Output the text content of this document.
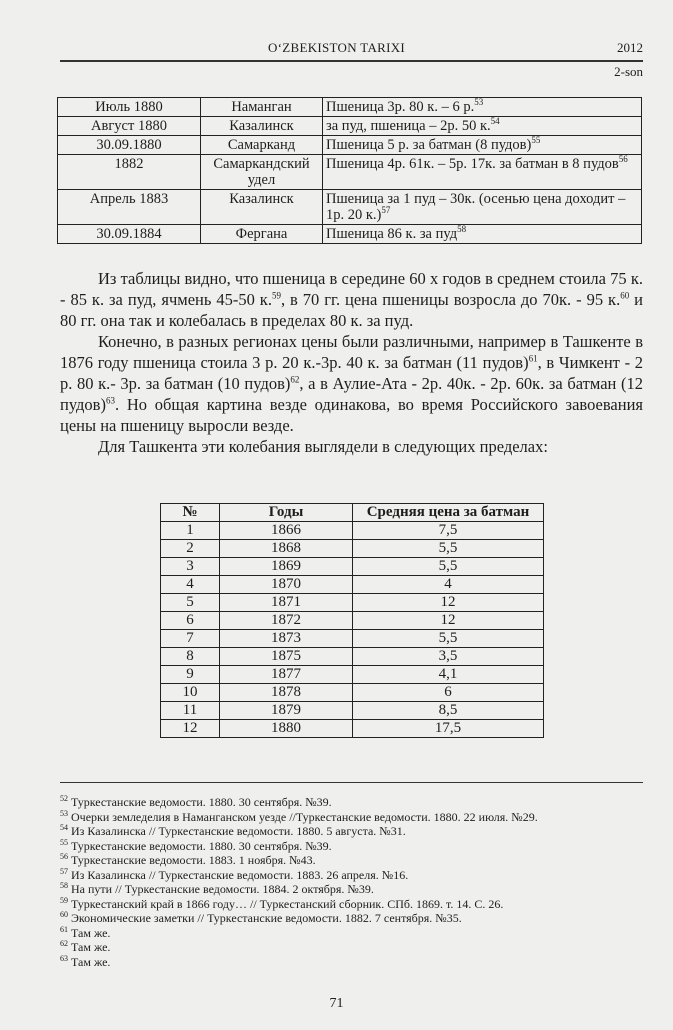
O‘ZBEKISTON TARIXI	2012
2-son
Июль 1880	Наманган	Пшеница 3р. 80 к. – 6 р.$^{53}$
Август 1880	Казалинск	за пуд, пшеница – 2р. 50 к.$^{54}$
30.09.1880	Самарканд	Пшеница 5 р. за батман (8 пудов)$^{55}$
1882	Самаркандский удел	Пшеница 4р. 61к. – 5р. 17к. за батман в 8 пудов$^{56}$
Апрель 1883	Казалинск	Пшеница за 1 пуд – 30к. (осенью цена доходит – 1р. 20 к.)$^{57}$
30.09.1884	Фергана	Пшеница 86 к. за пуд$^{58}$

Из таблицы видно, что пшеница в середине 60 х годов в среднем стоила 75 к. - 85 к. за пуд, ячмень 45-50 к.$^{59}$, в 70 гг. цена пшеницы возросла до 70к. - 95 к.$^{60}$ и 80 гг. она так и колебалась в пределах 80 к. за пуд.

Конечно, в разных регионах цены были различными, например в Ташкенте в 1876 году пшеница стоила 3 р. 20 к.-3р. 40 к. за батман (11 пудов)$^{61}$, в Чимкент - 2 р. 80 к.- 3р. за батман (10 пудов)$^{62}$, а в Аулие-Ата - 2р. 40к. - 2р. 60к. за батман (12 пудов)$^{63}$. Но общая картина везде одинакова, во время Российского завоевания цены на пшеницу выросли везде.

Для Ташкента эти колебания выглядели в следующих пределах:

№	Годы	Средняя цена за батман
1	1866	7,5
2	1868	5,5
3	1869	5,5
4	1870	4
5	1871	12
6	1872	12
7	1873	5,5
8	1875	3,5
9	1877	4,1
10	1878	6
11	1879	8,5
12	1880	17,5
$^{52}$ Туркестанские ведомости. 1880. 30 сентября. №39.
$^{53}$ Очерки земледелия в Наманганском уезде //Туркестанские ведомости. 1880. 22 июля. №29.
$^{54}$ Из Казалинска // Туркестанские ведомости. 1880. 5 августа. №31.
$^{55}$ Туркестанские ведомости. 1880. 30 сентября. №39.
$^{56}$ Туркестанские ведомости. 1883. 1 ноября. №43.
$^{57}$ Из Казалинска // Туркестанские ведомости. 1883. 26 апреля. №16.
$^{58}$ На пути // Туркестанские ведомости. 1884. 2 октября. №39.
$^{59}$ Туркестанский край в 1866 году… // Туркестанский сборник. СПб. 1869. т. 14. С. 26.
$^{60}$ Экономические заметки // Туркестанские ведомости. 1882. 7 сентября. №35.
$^{61}$ Там же.
$^{62}$ Там же.
$^{63}$ Там же.
71
